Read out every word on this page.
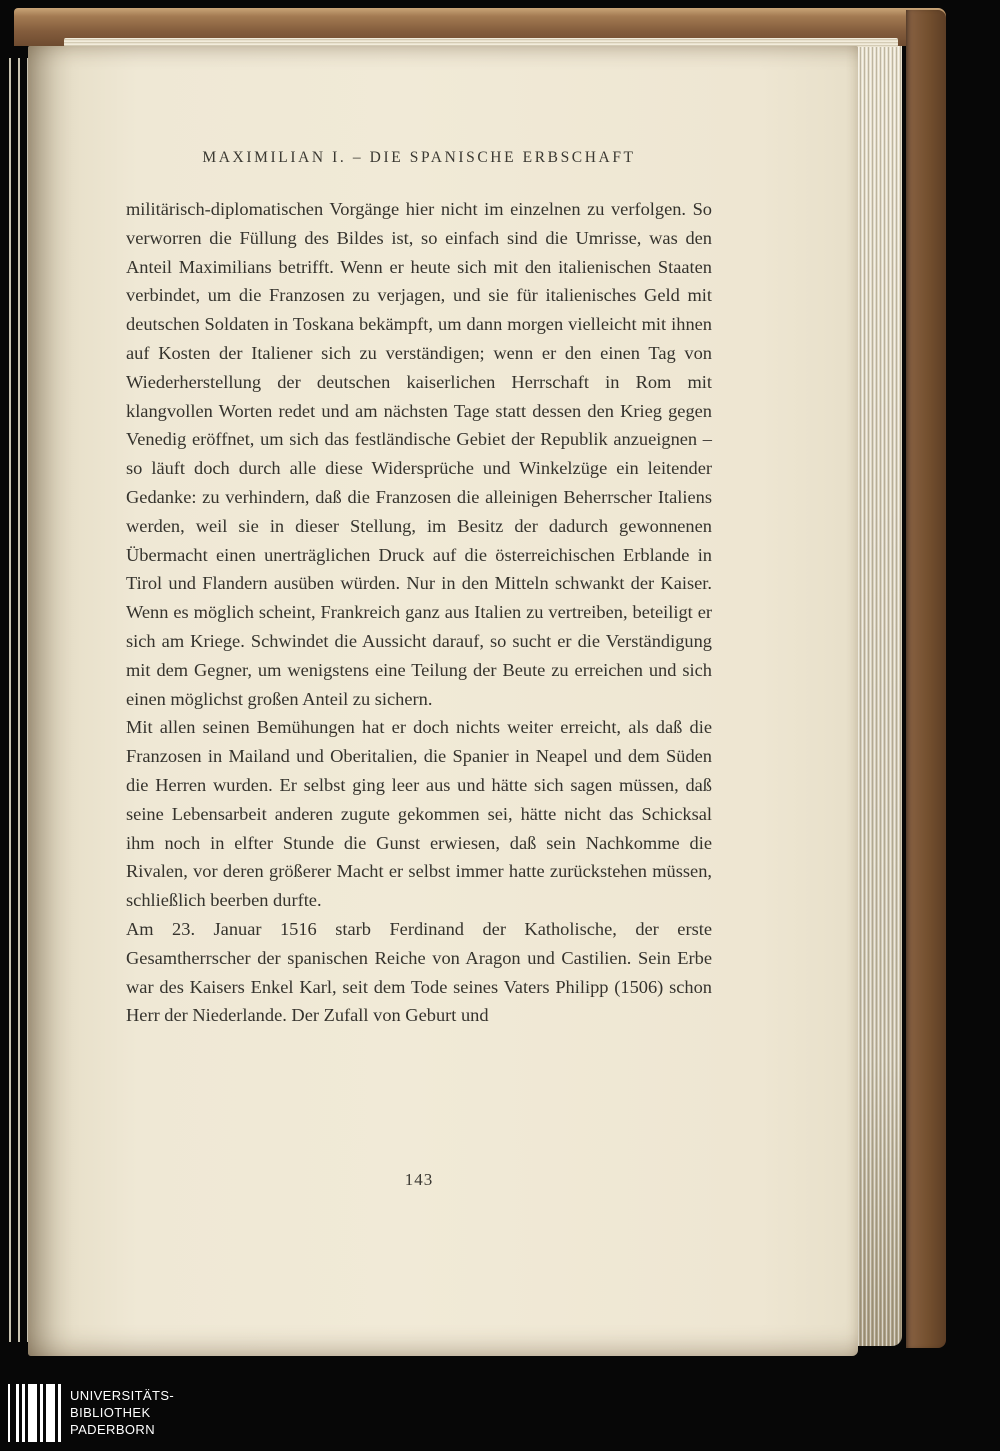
MAXIMILIAN I. – DIE SPANISCHE ERBSCHAFT

militärisch-diplomatischen Vorgänge hier nicht im einzelnen zu verfolgen. So verworren die Füllung des Bildes ist, so einfach sind die Umrisse, was den Anteil Maximilians betrifft. Wenn er heute sich mit den italienischen Staaten verbindet, um die Franzosen zu verjagen, und sie für italienisches Geld mit deutschen Soldaten in Toskana bekämpft, um dann morgen vielleicht mit ihnen auf Kosten der Italiener sich zu verständigen; wenn er den einen Tag von Wiederherstellung der deutschen kaiserlichen Herrschaft in Rom mit klangvollen Worten redet und am nächsten Tage statt dessen den Krieg gegen Venedig eröffnet, um sich das festländische Gebiet der Republik anzueignen – so läuft doch durch alle diese Widersprüche und Winkelzüge ein leitender Gedanke: zu verhindern, daß die Franzosen die alleinigen Beherrscher Italiens werden, weil sie in dieser Stellung, im Besitz der dadurch gewonnenen Übermacht einen unerträglichen Druck auf die österreichischen Erblande in Tirol und Flandern ausüben würden. Nur in den Mitteln schwankt der Kaiser. Wenn es möglich scheint, Frankreich ganz aus Italien zu vertreiben, beteiligt er sich am Kriege. Schwindet die Aussicht darauf, so sucht er die Verständigung mit dem Gegner, um wenigstens eine Teilung der Beute zu erreichen und sich einen möglichst großen Anteil zu sichern.

Mit allen seinen Bemühungen hat er doch nichts weiter erreicht, als daß die Franzosen in Mailand und Oberitalien, die Spanier in Neapel und dem Süden die Herren wurden. Er selbst ging leer aus und hätte sich sagen müssen, daß seine Lebensarbeit anderen zugute gekommen sei, hätte nicht das Schicksal ihm noch in elfter Stunde die Gunst erwiesen, daß sein Nachkomme die Rivalen, vor deren größerer Macht er selbst immer hatte zurückstehen müssen, schließlich beerben durfte.

Am 23. Januar 1516 starb Ferdinand der Katholische, der erste Gesamtherrscher der spanischen Reiche von Aragon und Castilien. Sein Erbe war des Kaisers Enkel Karl, seit dem Tode seines Vaters Philipp (1506) schon Herr der Niederlande. Der Zufall von Geburt und

143
UNIVERSITÄTS-
BIBLIOTHEK
PADERBORN
